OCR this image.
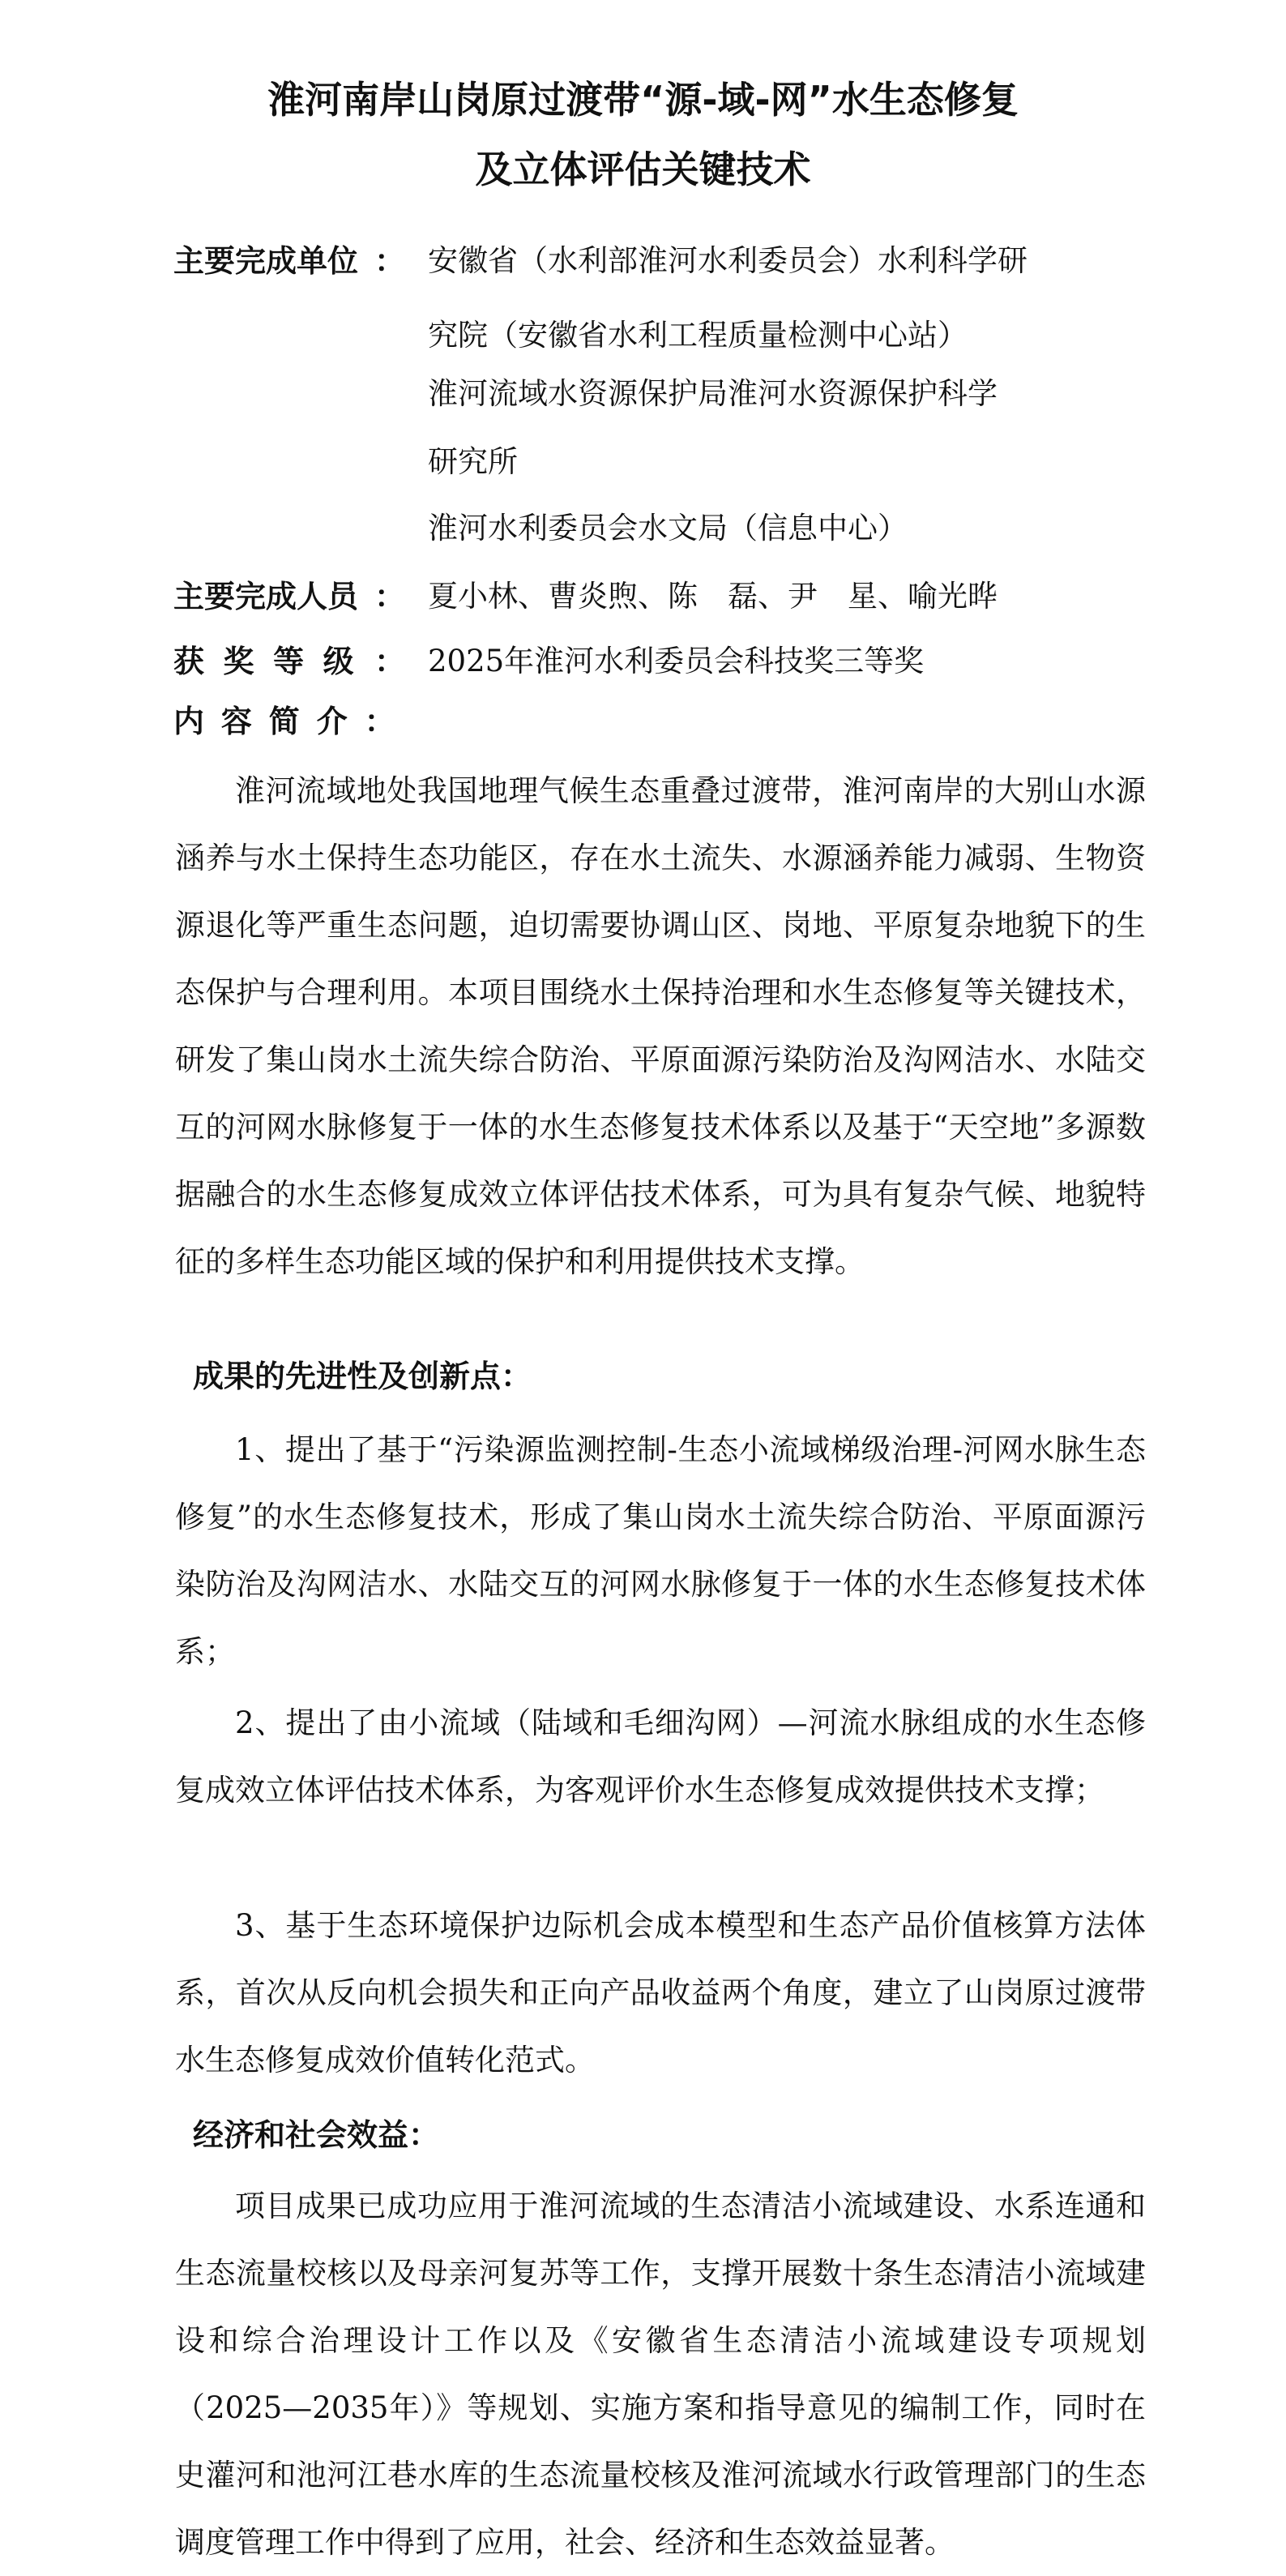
淮河南岸山岗原过渡带“源-域-网”水生态修复
及立体评估关键技术
主要完成单位 ： 安徽省（水利部淮河水利委员会）水利科学研
究院（安徽省水利工程质量检测中心站）
淮河流域水资源保护局淮河水资源保护科学
研究所
淮河水利委员会水文局（信息中心）
主要完成人员 ： 夏小林、曹炎煦、陈　磊、尹　星、喻光晔
获奖等级 ： 2025年淮河水利委员会科技奖三等奖
内容简介：

淮河流域地处我国地理气候生态重叠过渡带，淮河南岸的大别山水源涵养与水土保持生态功能区，存在水土流失、水源涵养能力减弱、生物资源退化等严重生态问题，迫切需要协调山区、岗地、平原复杂地貌下的生态保护与合理利用。本项目围绕水土保持治理和水生态修复等关键技术，研发了集山岗水土流失综合防治、平原面源污染防治及沟网洁水、水陆交互的河网水脉修复于一体的水生态修复技术体系以及基于“天空地”多源数据融合的水生态修复成效立体评估技术体系，可为具有复杂气候、地貌特征的多样生态功能区域的保护和利用提供技术支撑。

成果的先进性及创新点：

1、提出了基于“污染源监测控制-生态小流域梯级治理-河网水脉生态修复”的水生态修复技术，形成了集山岗水土流失综合防治、平原面源污染防治及沟网洁水、水陆交互的河网水脉修复于一体的水生态修复技术体系；

2、提出了由小流域（陆域和毛细沟网）—河流水脉组成的水生态修复成效立体评估技术体系，为客观评价水生态修复成效提供技术支撑；

3、基于生态环境保护边际机会成本模型和生态产品价值核算方法体系，首次从反向机会损失和正向产品收益两个角度，建立了山岗原过渡带水生态修复成效价值转化范式。

经济和社会效益：

项目成果已成功应用于淮河流域的生态清洁小流域建设、水系连通和生态流量校核以及母亲河复苏等工作，支撑开展数十条生态清洁小流域建设和综合治理设计工作以及《安徽省生态清洁小流域建设专项规划（2025—2035年）》等规划、实施方案和指导意见的编制工作，同时在史灌河和池河江巷水库的生态流量校核及淮河流域水行政管理部门的生态调度管理工作中得到了应用，社会、经济和生态效益显著。
